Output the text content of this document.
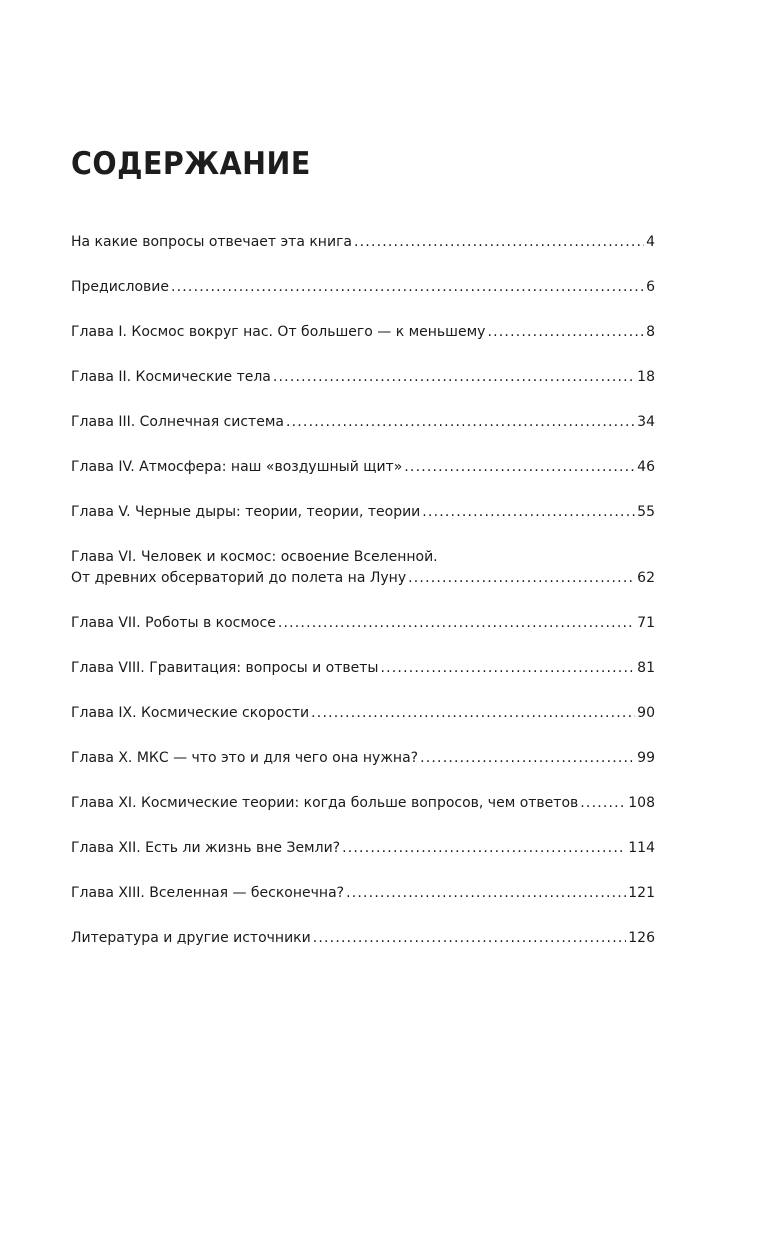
СОДЕРЖАНИЕ
На какие вопросы отвечает эта книга .....	4
Предисловие .....	6
Глава I. Космос вокруг нас. От большего — к меньшему .....	8
Глава II. Космические тела .....	18
Глава III. Солнечная система .....	34
Глава IV. Атмосфера: наш «воздушный щит» .....	46
Глава V. Черные дыры: теории, теории, теории .....	55
Глава VI. Человек и космос: освоение Вселенной.
От древних обсерваторий до полета на Луну .....	62
Глава VII. Роботы в космосе .....	71
Глава VIII. Гравитация: вопросы и ответы .....	81
Глава IX. Космические скорости .....	90
Глава X. МКС — что это и для чего она нужна? .....	99
Глава XI. Космические теории: когда больше вопросов, чем ответов .....	108
Глава XII. Есть ли жизнь вне Земли? .....	114
Глава XIII. Вселенная — бесконечна? .....	121
Литература и другие источники .....	126
